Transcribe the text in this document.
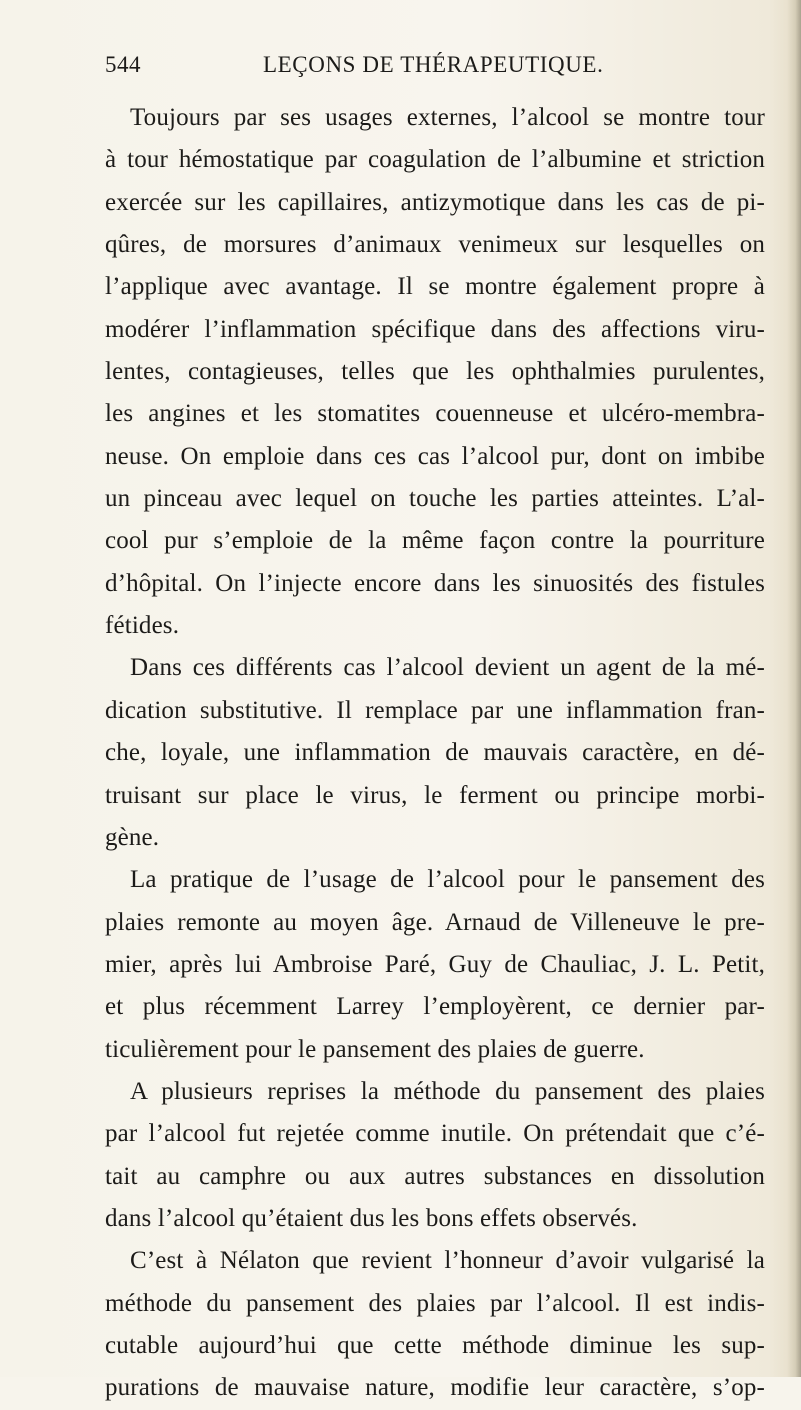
544	LEÇONS DE THÉRAPEUTIQUE.
Toujours par ses usages externes, l’alcool se montre tour
à tour hémostatique par coagulation de l’albumine et striction
exercée sur les capillaires, antizymotique dans les cas de pi-
qûres, de morsures d’animaux venimeux sur lesquelles on
l’applique avec avantage. Il se montre également propre à
modérer l’inflammation spécifique dans des affections viru-
lentes, contagieuses, telles que les ophthalmies purulentes,
les angines et les stomatites couenneuse et ulcéro-membra-
neuse. On emploie dans ces cas l’alcool pur, dont on imbibe
un pinceau avec lequel on touche les parties atteintes. L’al-
cool pur s’emploie de la même façon contre la pourriture
d’hôpital. On l’injecte encore dans les sinuosités des fistules
fétides.
Dans ces différents cas l’alcool devient un agent de la mé-
dication substitutive. Il remplace par une inflammation fran-
che, loyale, une inflammation de mauvais caractère, en dé-
truisant sur place le virus, le ferment ou principe morbi-
gène.
La pratique de l’usage de l’alcool pour le pansement des
plaies remonte au moyen âge. Arnaud de Villeneuve le pre-
mier, après lui Ambroise Paré, Guy de Chauliac, J. L. Petit,
et plus récemment Larrey l’employèrent, ce dernier par-
ticulièrement pour le pansement des plaies de guerre.
A plusieurs reprises la méthode du pansement des plaies
par l’alcool fut rejetée comme inutile. On prétendait que c’é-
tait au camphre ou aux autres substances en dissolution
dans l’alcool qu’étaient dus les bons effets observés.
C’est à Nélaton que revient l’honneur d’avoir vulgarisé la
méthode du pansement des plaies par l’alcool. Il est indis-
cutable aujourd’hui que cette méthode diminue les sup-
purations de mauvaise nature, modifie leur caractère, s’op-
